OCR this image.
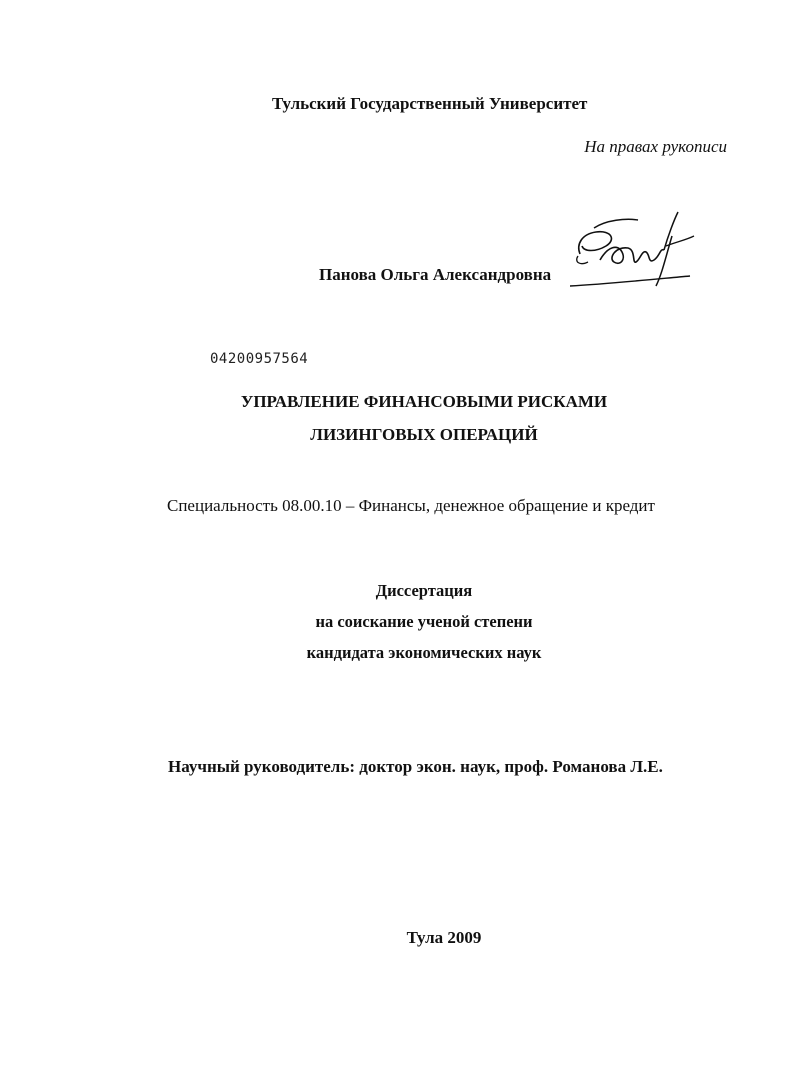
Тульский Государственный Университет
На правах рукописи
Панова Ольга Александровна
04200957564
УПРАВЛЕНИЕ ФИНАНСОВЫМИ РИСКАМИ
ЛИЗИНГОВЫХ ОПЕРАЦИЙ
Специальность 08.00.10 – Финансы, денежное обращение и кредит
Диссертация
на соискание ученой степени
кандидата экономических наук
Научный руководитель: доктор экон. наук, проф. Романова Л.Е.
Тула 2009
